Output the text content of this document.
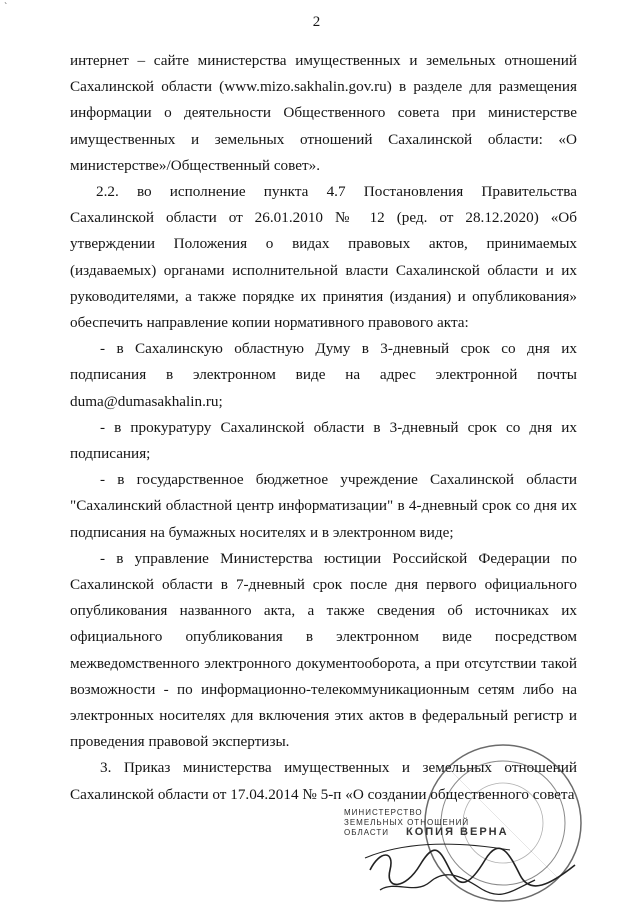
`
2

интернет – сайте министерства имущественных и земельных отношений Сахалинской области (www.mizo.sakhalin.gov.ru) в разделе для размещения информации о деятельности Общественного совета при министерстве имущественных и земельных отношений Сахалинской области: «О министерстве»/Общественный совет».

2.2. во исполнение пункта 4.7 Постановления Правительства Сахалинской области от 26.01.2010 № 12 (ред. от 28.12.2020) «Об утверждении Положения о видах правовых актов, принимаемых (издаваемых) органами исполнительной власти Сахалинской области и их руководителями, а также порядке их принятия (издания) и опубликования» обеспечить направление копии нормативного правового акта:

- в Сахалинскую областную Думу в 3-дневный срок со дня их подписания в электронном виде на адрес электронной почты duma@dumasakhalin.ru;

- в прокуратуру Сахалинской области в 3-дневный срок со дня их подписания;

- в государственное бюджетное учреждение Сахалинской области "Сахалинский областной центр информатизации" в 4-дневный срок со дня их подписания на бумажных носителях и в электронном виде;

- в управление Министерства юстиции Российской Федерации по Сахалинской области в 7-дневный срок после дня первого официального опубликования названного акта, а также сведения об источниках их официального опубликования в электронном виде посредством межведомственного электронного документооборота, а при отсутствии такой возможности - по информационно-телекоммуникационным сетям либо на электронных носителях для включения этих актов в федеральный регистр и проведения правовой экспертизы.

3. Приказ министерства имущественных и земельных отношений Сахалинской области от 17.04.2014 № 5-п «О создании общественного совета

МИНИСТЕРСТВО
ЗЕМЕЛЬНЫХ ОТНОШЕНИЙ
ОБЛАСТИ	КОПИЯ ВЕРНА
